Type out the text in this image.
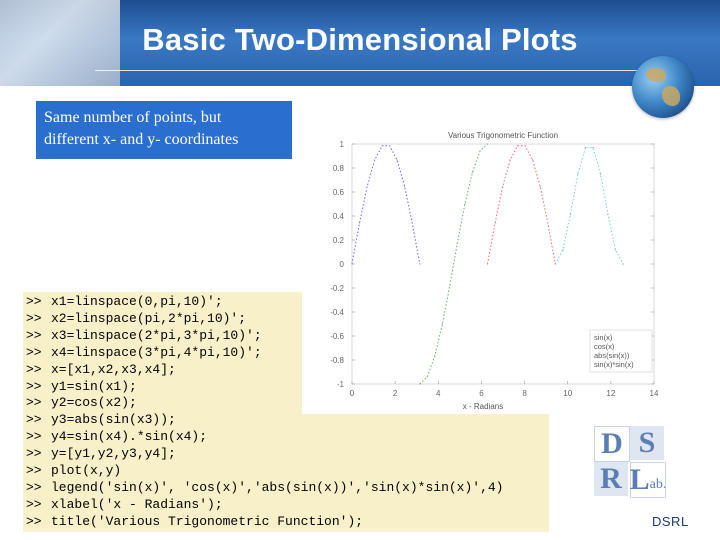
Basic Two-Dimensional Plots
Same number of points, but
different x- and y- coordinates
>> x1=linspace(0,pi,10)';
>> x2=linspace(pi,2*pi,10)';
>> x3=linspace(2*pi,3*pi,10)';
>> x4=linspace(3*pi,4*pi,10)';
>> x=[x1,x2,x3,x4];
>> y1=sin(x1);
>> y2=cos(x2);
>> y3=abs(sin(x3));
>> y4=sin(x4).*sin(x4);
>> y=[y1,y2,y3,y4];
>> plot(x,y)
>> legend('sin(x)', 'cos(x)','abs(sin(x))','sin(x)*sin(x)',4)
>> xlabel('x - Radians');
>> title('Various Trigonometric Function');
Various Trigonometric Function
x - Radians
-1
-0.8
-0.6
-0.4
-0.2
0
0.2
0.4
0.6
0.8
1
0	2	4	6	8	10	12	14
sin(x)
cos(x)
abs(sin(x))
sin(x)*sin(x)
D S
R L ab.
DSRL
